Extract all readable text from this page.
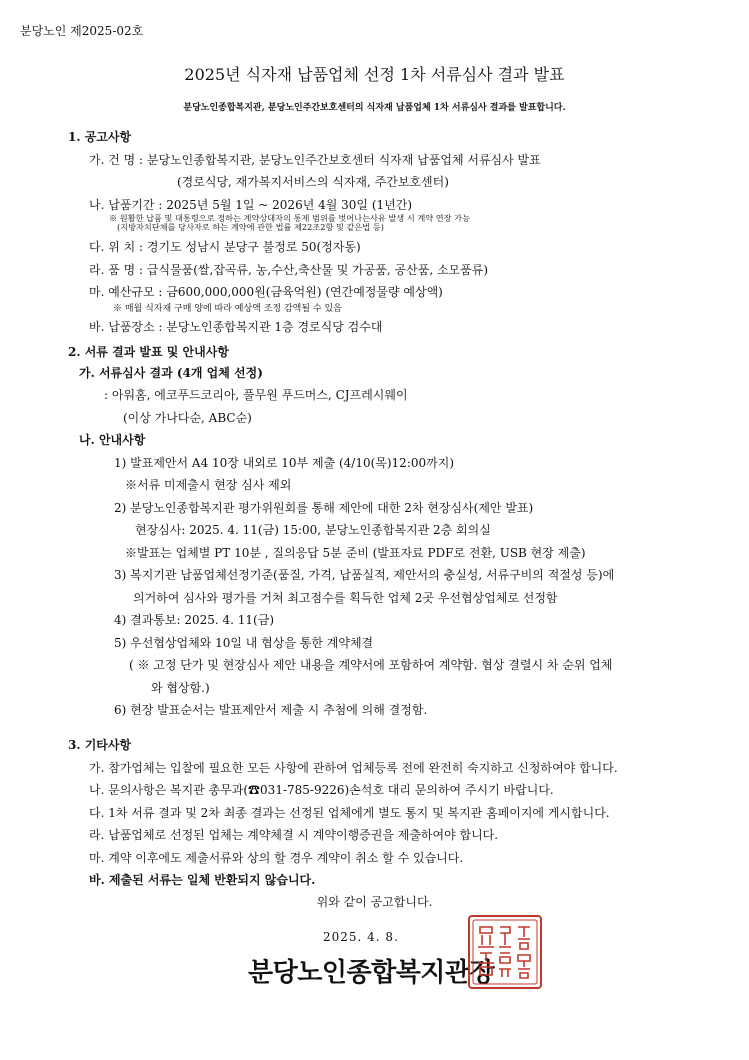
분당노인 제2025-02호
2025년 식자재 납품업체 선정 1차 서류심사 결과 발표
분당노인종합복지관, 분당노인주간보호센터의 식자재 납품업체 1차 서류심사 결과를 발표합니다.
1. 공고사항
가. 건 명 : 분당노인종합복지관, 분당노인주간보호센터 식자재 납품업체 서류심사 발표
(경로식당, 재가복지서비스의 식자재, 주간보호센터)
나. 납품기간 : 2025년 5월 1일 ~ 2026년 4월 30일 (1년간)
※ 원활한 납품 및 대통령으로 정하는 계약상대자의 통제 범위를 벗어나는사유 발생 시 계약 연장 가능
(지방자치단체를 당사자로 하는 계약에 관한 법률 제22조2항 및 같은법 등)
다. 위 치 : 경기도 성남시 분당구 불정로 50(정자동)
라. 품 명 : 급식물품(쌀,잡곡류, 농,수산,축산물 및 가공품, 공산품, 소모품류)
마. 예산규모 : 금600,000,000원(금육억원) (연간예정물량 예상액)
※ 매월 식자재 구매 양에 따라 예상액 조정 감액될 수 있음
바. 납품장소 : 분당노인종합복지관 1층 경로식당 검수대
2. 서류 결과 발표 및 안내사항
가. 서류심사 결과 (4개 업체 선정)
: 아워홈, 에코푸드코리아, 풀무원 푸드머스, CJ프레시웨이
(이상 가나다순, ABC순)
나. 안내사항
1) 발표제안서 A4 10장 내외로 10부 제출 (4/10(목)12:00까지)
※서류 미제출시 현장 심사 제외
2) 분당노인종합복지관 평가위원회를 통해 제안에 대한 2차 현장심사(제안 발표)
현장심사: 2025. 4. 11(금) 15:00, 분당노인종합복지관 2층 회의실
※발표는 업체별 PT 10분 , 질의응답 5분 준비 (발표자료 PDF로 전환, USB 현장 제출)
3) 복지기관 납품업체선정기준(품질, 가격, 납품실적, 제안서의 충실성, 서류구비의 적절성 등)에
의거하여 심사와 평가를 거쳐 최고점수를 획득한 업체 2곳 우선협상업체로 선정함
4) 결과통보: 2025. 4. 11(금)
5) 우선협상업체와 10일 내 협상을 통한 계약체결
( ※ 고정 단가 및 현장심사 제안 내용을 계약서에 포함하여 계약함. 협상 결렬시 차 순위 업체
와 협상함.)
6) 현장 발표순서는 발표제안서 제출 시 추첨에 의해 결정함.
3. 기타사항
가. 참가업체는 입찰에 필요한 모든 사항에 관하여 업체등록 전에 완전히 숙지하고 신청하여야 합니다.
나. 문의사항은 복지관 총무과(☎031-785-9226)손석호 대리 문의하여 주시기 바랍니다.
다. 1차 서류 결과 및 2차 최종 결과는 선정된 업체에게 별도 통지 및 복지관 홈페이지에 게시합니다.
라. 납품업체로 선정된 업체는 계약체결 시 계약이행증권을 제출하여야 합니다.
마. 계약 이후에도 제출서류와 상의 할 경우 계약이 취소 할 수 있습니다.
바. 제출된 서류는 일체 반환되지 않습니다.
위와 같이 공고합니다.
2025. 4. 8.
분당노인종합복지관장
